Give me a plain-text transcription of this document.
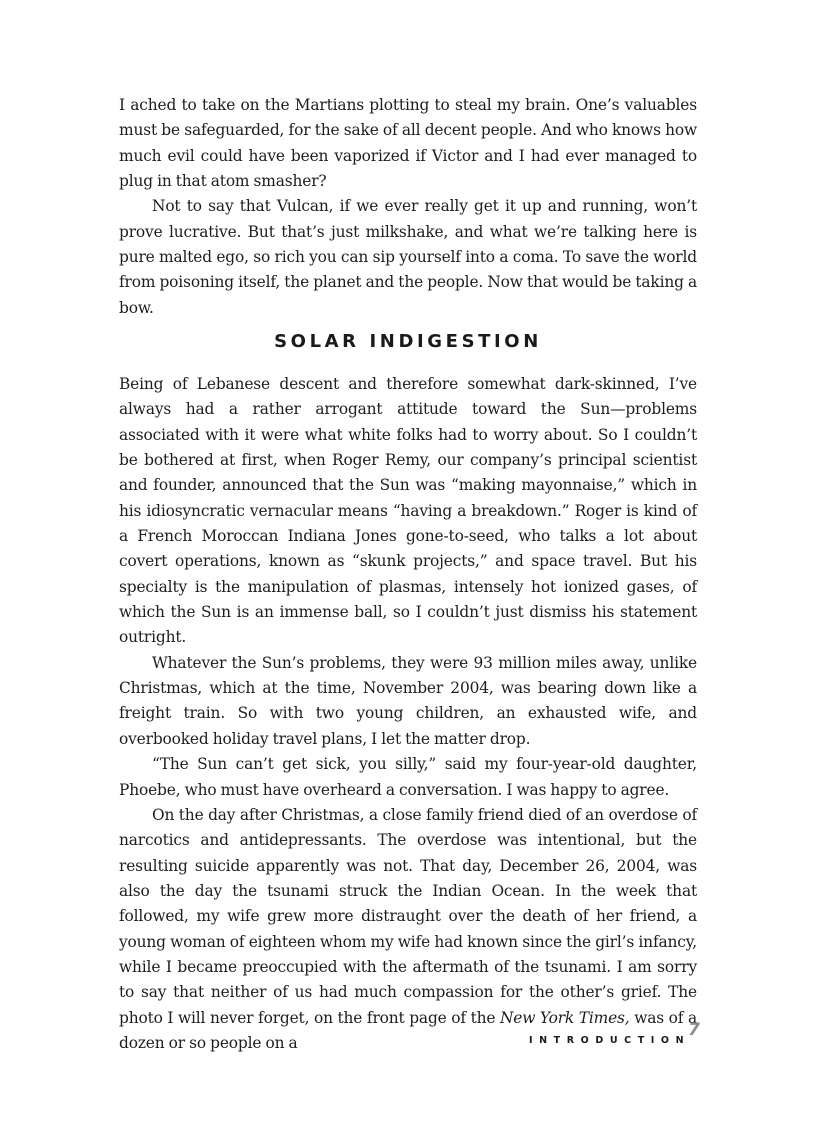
I ached to take on the Martians plotting to steal my brain. One’s valuables must be safeguarded, for the sake of all decent people. And who knows how much evil could have been vaporized if Victor and I had ever managed to plug in that atom smasher?

Not to say that Vulcan, if we ever really get it up and running, won’t prove lucrative. But that’s just milkshake, and what we’re talking here is pure malted ego, so rich you can sip yourself into a coma. To save the world from poisoning itself, the planet and the people. Now that would be taking a bow.

SOLAR INDIGESTION

Being of Lebanese descent and therefore somewhat dark-skinned, I’ve always had a rather arrogant attitude toward the Sun—problems associated with it were what white folks had to worry about. So I couldn’t be bothered at first, when Roger Remy, our company’s principal scientist and founder, announced that the Sun was “making mayonnaise,” which in his idiosyncratic vernacular means “having a breakdown.” Roger is kind of a French Moroccan Indiana Jones gone-to-seed, who talks a lot about covert operations, known as “skunk projects,” and space travel. But his specialty is the manipulation of plasmas, intensely hot ionized gases, of which the Sun is an immense ball, so I couldn’t just dismiss his statement outright.

Whatever the Sun’s problems, they were 93 million miles away, unlike Christmas, which at the time, November 2004, was bearing down like a freight train. So with two young children, an exhausted wife, and overbooked holiday travel plans, I let the matter drop.

“The Sun can’t get sick, you silly,” said my four-year-old daughter, Phoebe, who must have overheard a conversation. I was happy to agree.

On the day after Christmas, a close family friend died of an overdose of narcotics and antidepressants. The overdose was intentional, but the resulting suicide apparently was not. That day, December 26, 2004, was also the day the tsunami struck the Indian Ocean. In the week that followed, my wife grew more distraught over the death of her friend, a young woman of eighteen whom my wife had known since the girl’s infancy, while I became preoccupied with the aftermath of the tsunami. I am sorry to say that neither of us had much compassion for the other’s grief. The photo I will never forget, on the front page of the New York Times, was of a dozen or so people on a	INTRODUCTION
7
